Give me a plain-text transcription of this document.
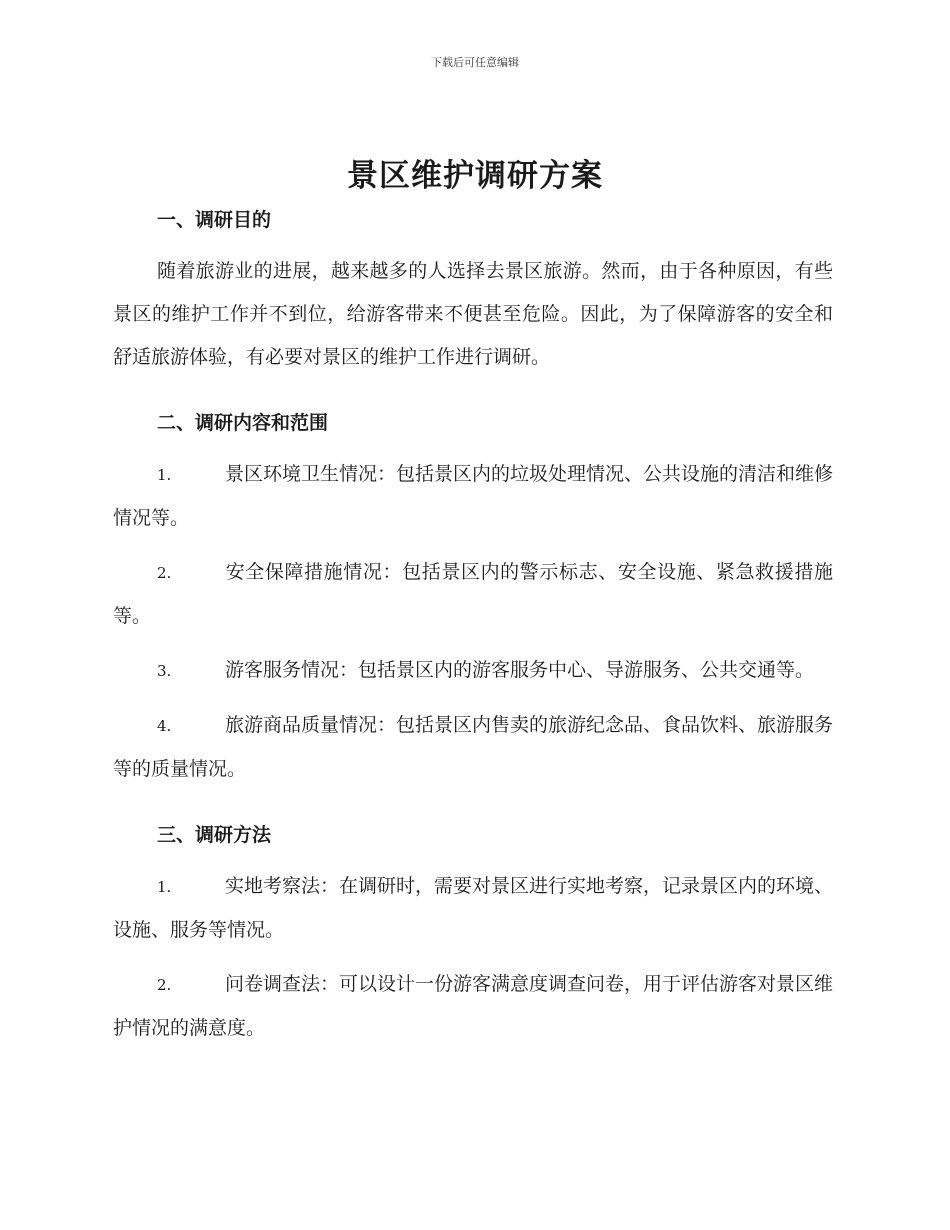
下载后可任意编辑
景区维护调研方案
一、调研目的

随着旅游业的进展，越来越多的人选择去景区旅游。然而，由于各种原因，有些景区的维护工作并不到位，给游客带来不便甚至危险。因此，为了保障游客的安全和舒适旅游体验，有必要对景区的维护工作进行调研。

二、调研内容和范围

1.	景区环境卫生情况：包括景区内的垃圾处理情况、公共设施的清洁和维修情况等。

2.	安全保障措施情况：包括景区内的警示标志、安全设施、紧急救援措施等。

3.	游客服务情况：包括景区内的游客服务中心、导游服务、公共交通等。

4.	旅游商品质量情况：包括景区内售卖的旅游纪念品、食品饮料、旅游服务等的质量情况。

三、调研方法

1.	实地考察法：在调研时，需要对景区进行实地考察，记录景区内的环境、设施、服务等情况。

2.	问卷调查法：可以设计一份游客满意度调查问卷，用于评估游客对景区维护情况的满意度。
